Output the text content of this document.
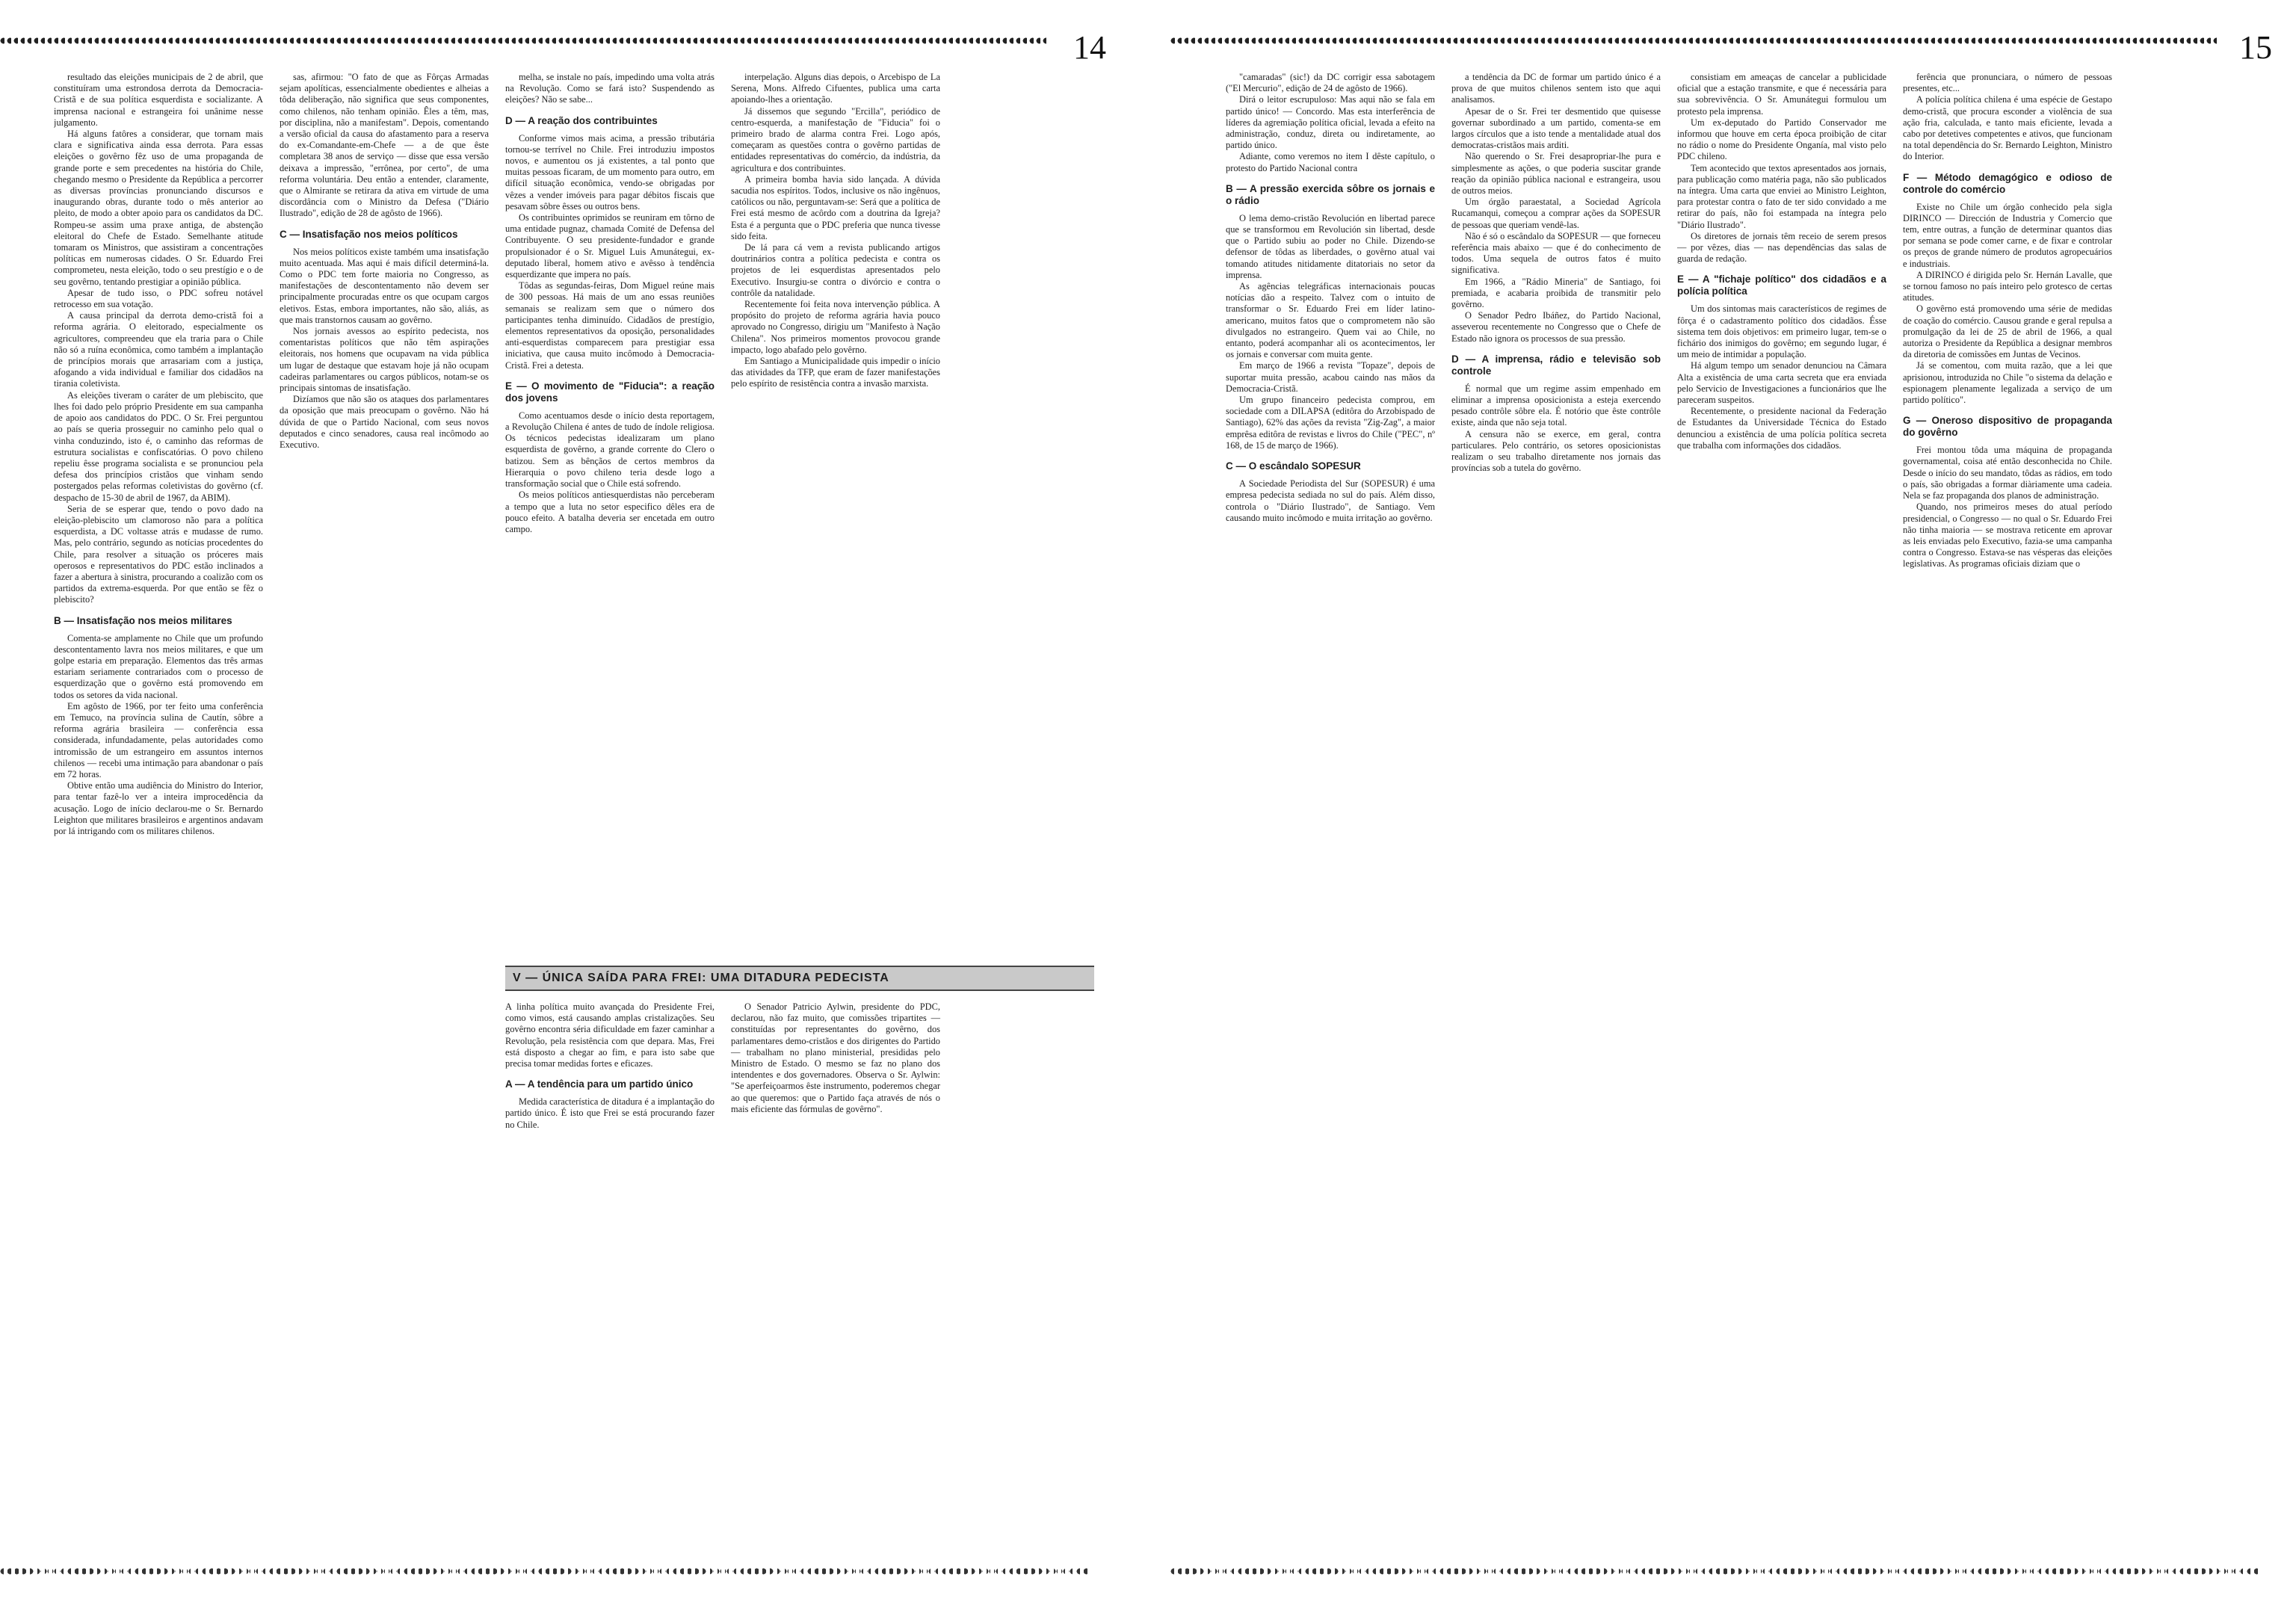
14

resultado das eleições municipais de 2 de abril, que constituíram uma estrondosa derrota da Democracia-Cristã e de sua política esquerdista e socializante. A imprensa nacional e estrangeira foi unânime nesse julgamento.

Há alguns fatôres a considerar, que tornam mais clara e significativa ainda essa derrota. Para essas eleições o govêrno fêz uso de uma propaganda de grande porte e sem precedentes na história do Chile, chegando mesmo o Presidente da República a percorrer as diversas províncias pronunciando discursos e inaugurando obras, durante todo o mês anterior ao pleito, de modo a obter apoio para os candidatos da DC. Rompeu-se assim uma praxe antiga, de abstenção eleitoral do Chefe de Estado. Semelhante atitude tomaram os Ministros, que assistiram a concentrações políticas em numerosas cidades. O Sr. Eduardo Frei comprometeu, nesta eleição, todo o seu prestígio e o de seu govêrno, tentando prestigiar a opinião pública.

Apesar de tudo isso, o PDC sofreu notável retrocesso em sua votação.

A causa principal da derrota demo-cristã foi a reforma agrária. O eleitorado, especialmente os agricultores, compreendeu que ela traria para o Chile não só a ruína econômica, como também a implantação de princípios morais que arrasariam com a justiça, afogando a vida individual e familiar dos cidadãos na tirania coletivista.

As eleições tiveram o caráter de um plebiscito, que lhes foi dado pelo próprio Presidente em sua campanha de apoio aos candidatos do PDC. O Sr. Frei perguntou ao país se queria prosseguir no caminho pelo qual o vinha conduzindo, isto é, o caminho das reformas de estrutura socialistas e confiscatórias. O povo chileno repeliu êsse programa socialista e se pronunciou pela defesa dos princípios cristãos que vinham sendo postergados pelas reformas coletivistas do govêrno (cf. despacho de 15-30 de abril de 1967, da ABIM).

Seria de se esperar que, tendo o povo dado na eleição-plebiscito um clamoroso não para a política esquerdista, a DC voltasse atrás e mudasse de rumo. Mas, pelo contrário, segundo as notícias procedentes do Chile, para resolver a situação os próceres mais operosos e representativos do PDC estão inclinados a fazer a abertura à sinistra, procurando a coalizão com os partidos da extrema-esquerda. Por que então se fêz o plebiscito?

B — Insatisfação nos meios militares

Comenta-se amplamente no Chile que um profundo descontentamento lavra nos meios militares, e que um golpe estaria em preparação. Elementos das três armas estariam seriamente contrariados com o processo de esquerdização que o govêrno está promovendo em todos os setores da vida nacional.

Em agôsto de 1966, por ter feito uma conferência em Temuco, na província sulina de Cautín, sôbre a reforma agrária brasileira — conferência essa considerada, infundadamente, pelas autoridades como intromissão de um estrangeiro em assuntos internos chilenos — recebi uma intimação para abandonar o país em 72 horas.

Obtive então uma audiência do Ministro do Interior, para tentar fazê-lo ver a inteira improcedência da acusação. Logo de início declarou-me o Sr. Bernardo Leighton que militares brasileiros e argentinos andavam por lá intrigando com os militares chilenos.

sas, afirmou: "O fato de que as Fôrças Armadas sejam apolíticas, essencialmente obedientes e alheias a tôda deliberação, não significa que seus componentes, como chilenos, não tenham opinião. Êles a têm, mas, por disciplina, não a manifestam". Depois, comentando a versão oficial da causa do afastamento para a reserva do ex-Comandante-em-Chefe — a de que êste completara 38 anos de serviço — disse que essa versão deixava a impressão, "errônea, por certo", de uma reforma voluntária. Deu então a entender, claramente, que o Almirante se retirara da ativa em virtude de uma discordância com o Ministro da Defesa ("Diário Ilustrado", edição de 28 de agôsto de 1966).

C — Insatisfação nos meios políticos

Nos meios políticos existe também uma insatisfação muito acentuada. Mas aqui é mais difícil determiná-la. Como o PDC tem forte maioria no Congresso, as manifestações de descontentamento não devem ser principalmente procuradas entre os que ocupam cargos eletivos. Estas, embora importantes, não são, aliás, as que mais transtornos causam ao govêrno.

Nos jornais avessos ao espírito pedecista, nos comentaristas políticos que não têm aspirações eleitorais, nos homens que ocupavam na vida pública um lugar de destaque que estavam hoje já não ocupam cadeiras parlamentares ou cargos públicos, notam-se os principais sintomas de insatisfação.

Dizíamos que não são os ataques dos parlamentares da oposição que mais preocupam o govêrno. Não há dúvida de que o Partido Nacional, com seus novos deputados e cinco senadores, causa real incômodo ao Executivo.

melha, se instale no país, impedindo uma volta atrás na Revolução. Como se fará isto? Suspendendo as eleições? Não se sabe...

D — A reação dos contribuintes

Conforme vimos mais acima, a pressão tributária tornou-se terrível no Chile. Frei introduziu impostos novos, e aumentou os já existentes, a tal ponto que muitas pessoas ficaram, de um momento para outro, em difícil situação econômica, vendo-se obrigadas por vêzes a vender imóveis para pagar débitos fiscais que pesavam sôbre êsses ou outros bens.

Os contribuintes oprimidos se reuniram em tôrno de uma entidade pugnaz, chamada Comité de Defensa del Contribuyente. O seu presidente-fundador e grande propulsionador é o Sr. Miguel Luis Amunátegui, ex-deputado liberal, homem ativo e avêsso à tendência esquerdizante que impera no país.

Tôdas as segundas-feiras, Dom Miguel reúne mais de 300 pessoas. Há mais de um ano essas reuniões semanais se realizam sem que o número dos participantes tenha diminuído. Cidadãos de prestígio, elementos representativos da oposição, personalidades anti-esquerdistas comparecem para prestigiar essa iniciativa, que causa muito incômodo à Democracia-Cristã. Frei a detesta.

E — O movimento de "Fiducia": a reação dos jovens

Como acentuamos desde o início desta reportagem, a Revolução Chilena é antes de tudo de índole religiosa. Os técnicos pedecistas idealizaram um plano esquerdista de govêrno, a grande corrente do Clero o batizou. Sem as bênçãos de certos membros da Hierarquia o povo chileno teria desde logo a transformação social que o Chile está sofrendo.

Os meios políticos antiesquerdistas não perceberam a tempo que a luta no setor especifico dêles era de pouco efeito. A batalha deveria ser encetada em outro campo.

interpelação. Alguns dias depois, o Arcebispo de La Serena, Mons. Alfredo Cifuentes, publica uma carta apoiando-lhes a orientação.

Já dissemos que segundo "Ercilla", periódico de centro-esquerda, a manifestação de "Fiducia" foi o primeiro brado de alarma contra Frei. Logo após, começaram as questões contra o govêrno partidas de entidades representativas do comércio, da indústria, da agricultura e dos contribuintes.

A primeira bomba havia sido lançada. A dúvida sacudia nos espíritos. Todos, inclusive os não ingênuos, católicos ou não, perguntavam-se: Será que a política de Frei está mesmo de acôrdo com a doutrina da Igreja? Esta é a pergunta que o PDC preferia que nunca tivesse sido feita.

De lá para cá vem a revista publicando artigos doutrinários contra a política pedecista e contra os projetos de lei esquerdistas apresentados pelo Executivo. Insurgiu-se contra o divórcio e contra o contrôle da natalidade.

Recentemente foi feita nova intervenção pública. A propósito do projeto de reforma agrária havia pouco aprovado no Congresso, dirigiu um "Manifesto à Nação Chilena". Nos primeiros momentos provocou grande impacto, logo abafado pelo govêrno.

Em Santiago a Municipalidade quis impedir o início das atividades da TFP, que eram de fazer manifestações pelo espírito de resistência contra a invasão marxista.

V — ÚNICA SAÍDA PARA FREI: UMA DITADURA PEDECISTA

A linha política muito avançada do Presidente Frei, como vimos, está causando amplas cristalizações. Seu govêrno encontra séria dificuldade em fazer caminhar a Revolução, pela resistência com que depara. Mas, Frei está disposto a chegar ao fim, e para isto sabe que precisa tomar medidas fortes e eficazes.

A — A tendência para um partido único

Medida característica de ditadura é a implantação do partido único. É isto que Frei se está procurando fazer no Chile.

O Senador Patricio Aylwin, presidente do PDC, declarou, não faz muito, que comissões tripartites — constituídas por representantes do govêrno, dos parlamentares demo-cristãos e dos dirigentes do Partido — trabalham no plano ministerial, presididas pelo Ministro de Estado. O mesmo se faz no plano dos intendentes e dos governadores. Observa o Sr. Aylwin: "Se aperfeiçoarmos êste instrumento, poderemos chegar ao que queremos: que o Partido faça através de nós o mais eficiente das fórmulas de govêrno".

15

"camaradas" (sic!) da DC corrigir essa sabotagem ("El Mercurio", edição de 24 de agôsto de 1966).

Dirá o leitor escrupuloso: Mas aqui não se fala em partido único! — Concordo. Mas esta interferência de líderes da agremiação política oficial, levada a efeito na administração, conduz, direta ou indiretamente, ao partido único.

Adiante, como veremos no item I dêste capítulo, o protesto do Partido Nacional contra

B — A pressão exercida sôbre os jornais e o rádio

O lema demo-cristão Revolución en libertad parece que se transformou em Revolución sin libertad, desde que o Partido subiu ao poder no Chile. Dizendo-se defensor de tôdas as liberdades, o govêrno atual vai tomando atitudes nitidamente ditatoriais no setor da imprensa.

As agências telegráficas internacionais poucas notícias dão a respeito. Talvez com o intuito de transformar o Sr. Eduardo Frei em líder latino-americano, muitos fatos que o comprometem não são divulgados no estrangeiro. Quem vai ao Chile, no entanto, poderá acompanhar ali os acontecimentos, ler os jornais e conversar com muita gente.

Em março de 1966 a revista "Topaze", depois de suportar muita pressão, acabou caindo nas mãos da Democracia-Cristã.

Um grupo financeiro pedecista comprou, em sociedade com a DILAPSA (editôra do Arzobispado de Santiago), 62% das ações da revista "Zig-Zag", a maior emprêsa editôra de revistas e livros do Chile ("PEC", nº 168, de 15 de março de 1966).

C — O escândalo SOPESUR

A Sociedade Periodista del Sur (SOPESUR) é uma empresa pedecista sediada no sul do país. Além disso, controla o "Diário Ilustrado", de Santiago. Vem causando muito incômodo e muita irritação ao govêrno.

a tendência da DC de formar um partido único é a prova de que muitos chilenos sentem isto que aqui analisamos.

Apesar de o Sr. Frei ter desmentido que quisesse governar subordinado a um partido, comenta-se em largos círculos que a isto tende a mentalidade atual dos democratas-cristãos mais arditi.

Não querendo o Sr. Frei desapropriar-lhe pura e simplesmente as ações, o que poderia suscitar grande reação da opinião pública nacional e estrangeira, usou de outros meios.

Um órgão paraestatal, a Sociedad Agrícola Rucamanqui, começou a comprar ações da SOPESUR de pessoas que queriam vendê-las.

Não é só o escândalo da SOPESUR — que forneceu referência mais abaixo — que é do conhecimento de todos. Uma sequela de outros fatos é muito significativa.

Em 1966, a "Rádio Mineria" de Santiago, foi premiada, e acabaria proibida de transmitir pelo govêrno.

O Senador Pedro Ibáñez, do Partido Nacional, asseverou recentemente no Congresso que o Chefe de Estado não ignora os processos de sua pressão.

D — A imprensa, rádio e televisão sob controle

É normal que um regime assim empenhado em eliminar a imprensa oposicionista a esteja exercendo pesado contrôle sôbre ela. É notório que êste contrôle existe, ainda que não seja total.

A censura não se exerce, em geral, contra particulares. Pelo contrário, os setores oposicionistas realizam o seu trabalho diretamente nos jornais das províncias sob a tutela do govêrno.

consistiam em ameaças de cancelar a publicidade oficial que a estação transmite, e que é necessária para sua sobrevivência. O Sr. Amunátegui formulou um protesto pela imprensa.

Um ex-deputado do Partido Conservador me informou que houve em certa época proibição de citar no rádio o nome do Presidente Onganía, mal visto pelo PDC chileno.

Tem acontecido que textos apresentados aos jornais, para publicação como matéria paga, não são publicados na íntegra. Uma carta que enviei ao Ministro Leighton, para protestar contra o fato de ter sido convidado a me retirar do país, não foi estampada na íntegra pelo "Diário Ilustrado".

Os diretores de jornais têm receio de serem presos — por vêzes, dias — nas dependências das salas de guarda de redação.

E — A "fichaje político" dos cidadãos e a polícia política

Um dos sintomas mais característicos de regimes de fôrça é o cadastramento político dos cidadãos. Ésse sistema tem dois objetivos: em primeiro lugar, tem-se o fichário dos inimigos do govêrno; em segundo lugar, é um meio de intimidar a população.

Há algum tempo um senador denunciou na Câmara Alta a existência de uma carta secreta que era enviada pelo Servicio de Investigaciones a funcionários que lhe pareceram suspeitos.

Recentemente, o presidente nacional da Federação de Estudantes da Universidade Técnica do Estado denunciou a existência de uma polícia política secreta que trabalha com informações dos cidadãos.

ferência que pronunciara, o número de pessoas presentes, etc...

A polícia política chilena é uma espécie de Gestapo demo-cristã, que procura esconder a violência de sua ação fria, calculada, e tanto mais eficiente, levada a cabo por detetives competentes e ativos, que funcionam na total dependência do Sr. Bernardo Leighton, Ministro do Interior.

F — Método demagógico e odioso de controle do comércio

Existe no Chile um órgão conhecido pela sigla DIRINCO — Dirección de Industria y Comercio que tem, entre outras, a função de determinar quantos dias por semana se pode comer carne, e de fixar e controlar os preços de grande número de produtos agropecuários e industriais.

A DIRINCO é dirigida pelo Sr. Hernán Lavalle, que se tornou famoso no país inteiro pelo grotesco de certas atitudes.

O govêrno está promovendo uma série de medidas de coação do comércio. Causou grande e geral repulsa a promulgação da lei de 25 de abril de 1966, a qual autoriza o Presidente da República a designar membros da diretoria de comissões em Juntas de Vecinos.

Já se comentou, com muita razão, que a lei que aprisionou, introduzida no Chile "o sistema da delação e espionagem plenamente legalizada a serviço de um partido político".

G — Oneroso dispositivo de propaganda do govêrno

Frei montou tôda uma máquina de propaganda governamental, coisa até então desconhecida no Chile. Desde o início do seu mandato, tôdas as rádios, em todo o país, são obrigadas a formar diàriamente uma cadeia. Nela se faz propaganda dos planos de administração.

Quando, nos primeiros meses do atual período presidencial, o Congresso — no qual o Sr. Eduardo Frei não tinha maioria — se mostrava reticente em aprovar as leis enviadas pelo Executivo, fazia-se uma campanha contra o Congresso. Estava-se nas vésperas das eleições legislativas. As programas oficiais diziam que o
